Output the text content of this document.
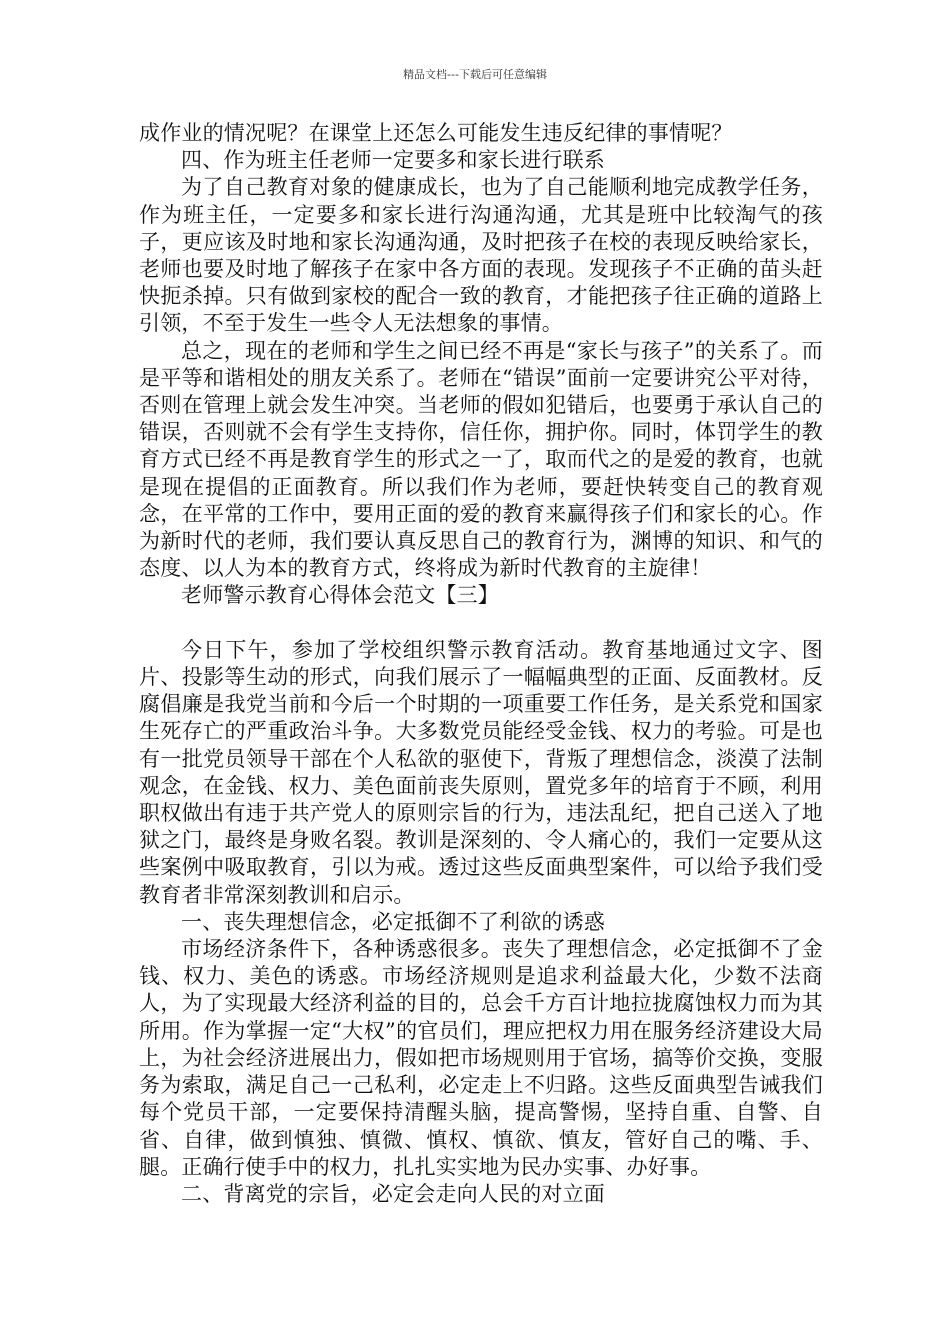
精品文档---下载后可任意编辑

成作业的情况呢？在课堂上还怎么可能发生违反纪律的事情呢？

四、作为班主任老师一定要多和家长进行联系

为了自己教育对象的健康成长，也为了自己能顺利地完成教学任务，作为班主任，一定要多和家长进行沟通沟通，尤其是班中比较淘气的孩子，更应该及时地和家长沟通沟通，及时把孩子在校的表现反映给家长，老师也要及时地了解孩子在家中各方面的表现。发现孩子不正确的苗头赶快扼杀掉。只有做到家校的配合一致的教育，才能把孩子往正确的道路上引领，不至于发生一些令人无法想象的事情。

总之，现在的老师和学生之间已经不再是“家长与孩子”的关系了。而是平等和谐相处的朋友关系了。老师在“错误”面前一定要讲究公平对待，否则在管理上就会发生冲突。当老师的假如犯错后，也要勇于承认自己的错误，否则就不会有学生支持你，信任你，拥护你。同时，体罚学生的教育方式已经不再是教育学生的形式之一了，取而代之的是爱的教育，也就是现在提倡的正面教育。所以我们作为老师，要赶快转变自己的教育观念，在平常的工作中，要用正面的爱的教育来赢得孩子们和家长的心。作为新时代的老师，我们要认真反思自己的教育行为，渊博的知识、和气的态度、以人为本的教育方式，终将成为新时代教育的主旋律！

老师警示教育心得体会范文【三】

今日下午，参加了学校组织警示教育活动。教育基地通过文字、图片、投影等生动的形式，向我们展示了一幅幅典型的正面、反面教材。反腐倡廉是我党当前和今后一个时期的一项重要工作任务，是关系党和国家生死存亡的严重政治斗争。大多数党员能经受金钱、权力的考验。可是也有一批党员领导干部在个人私欲的驱使下，背叛了理想信念，淡漠了法制观念，在金钱、权力、美色面前丧失原则，置党多年的培育于不顾，利用职权做出有违于共产党人的原则宗旨的行为，违法乱纪，把自己送入了地狱之门，最终是身败名裂。教训是深刻的、令人痛心的，我们一定要从这些案例中吸取教育，引以为戒。透过这些反面典型案件，可以给予我们受教育者非常深刻教训和启示。

一、丧失理想信念，必定抵御不了利欲的诱惑

市场经济条件下，各种诱惑很多。丧失了理想信念，必定抵御不了金钱、权力、美色的诱惑。市场经济规则是追求利益最大化，少数不法商人，为了实现最大经济利益的目的，总会千方百计地拉拢腐蚀权力而为其所用。作为掌握一定“大权”的官员们，理应把权力用在服务经济建设大局上，为社会经济进展出力，假如把市场规则用于官场，搞等价交换，变服务为索取，满足自己一己私利，必定走上不归路。这些反面典型告诫我们每个党员干部，一定要保持清醒头脑，提高警惕，坚持自重、自警、自省、自律，做到慎独、慎微、慎权、慎欲、慎友，管好自己的嘴、手、腿。正确行使手中的权力，扎扎实实地为民办实事、办好事。

二、背离党的宗旨，必定会走向人民的对立面
